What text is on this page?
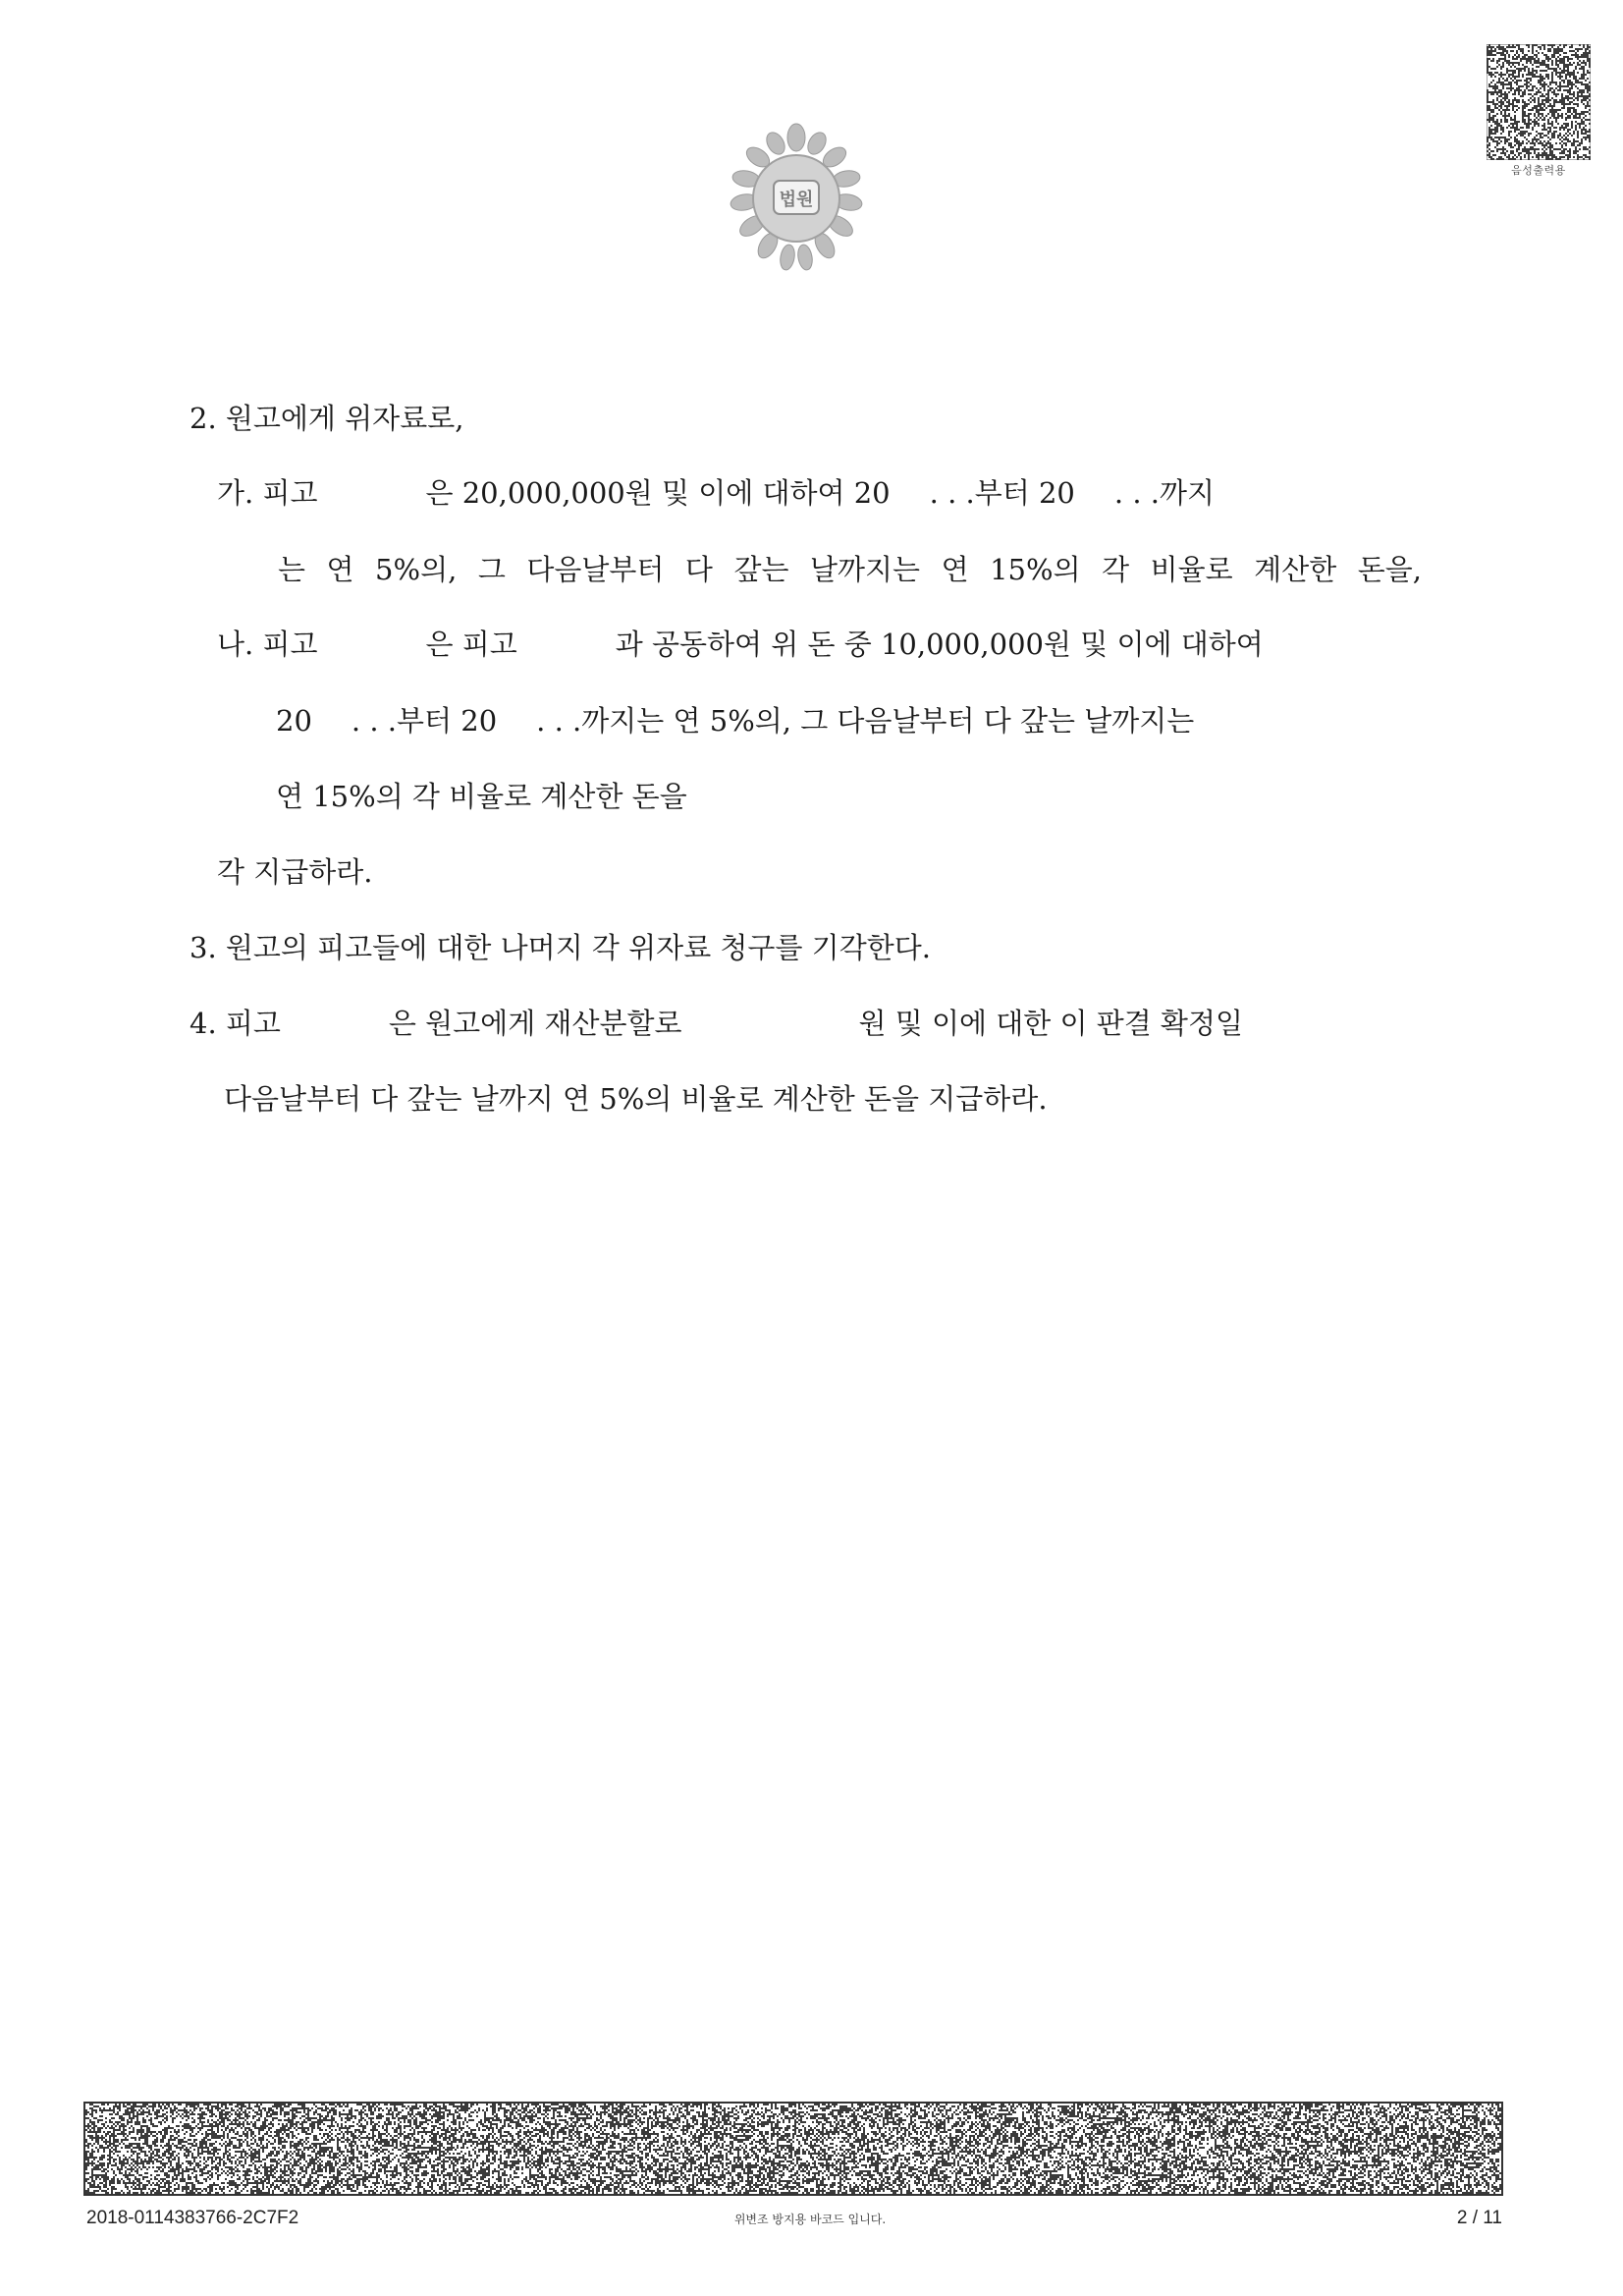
음성출력용
법원
2. 원고에게 위자료로,
가. 피고	은 20,000,000원 및 이에 대하여 20 . . .부터 20 . . .까지
는 연 5%의, 그 다음날부터 다 갚는 날까지는 연 15%의 각 비율로 계산한 돈을,
나. 피고	은 피고	과 공동하여 위 돈 중 10,000,000원 및 이에 대하여
20 . . .부터 20 . . .까지는 연 5%의, 그 다음날부터 다 갚는 날까지는
연 15%의 각 비율로 계산한 돈을
각 지급하라.
3. 원고의 피고들에 대한 나머지 각 위자료 청구를 기각한다.
4. 피고	은 원고에게 재산분할로	원 및 이에 대한 이 판결 확정일
다음날부터 다 갚는 날까지 연 5%의 비율로 계산한 돈을 지급하라.
2018-0114383766-2C7F2	위변조 방지용 바코드 입니다.	2 / 11
